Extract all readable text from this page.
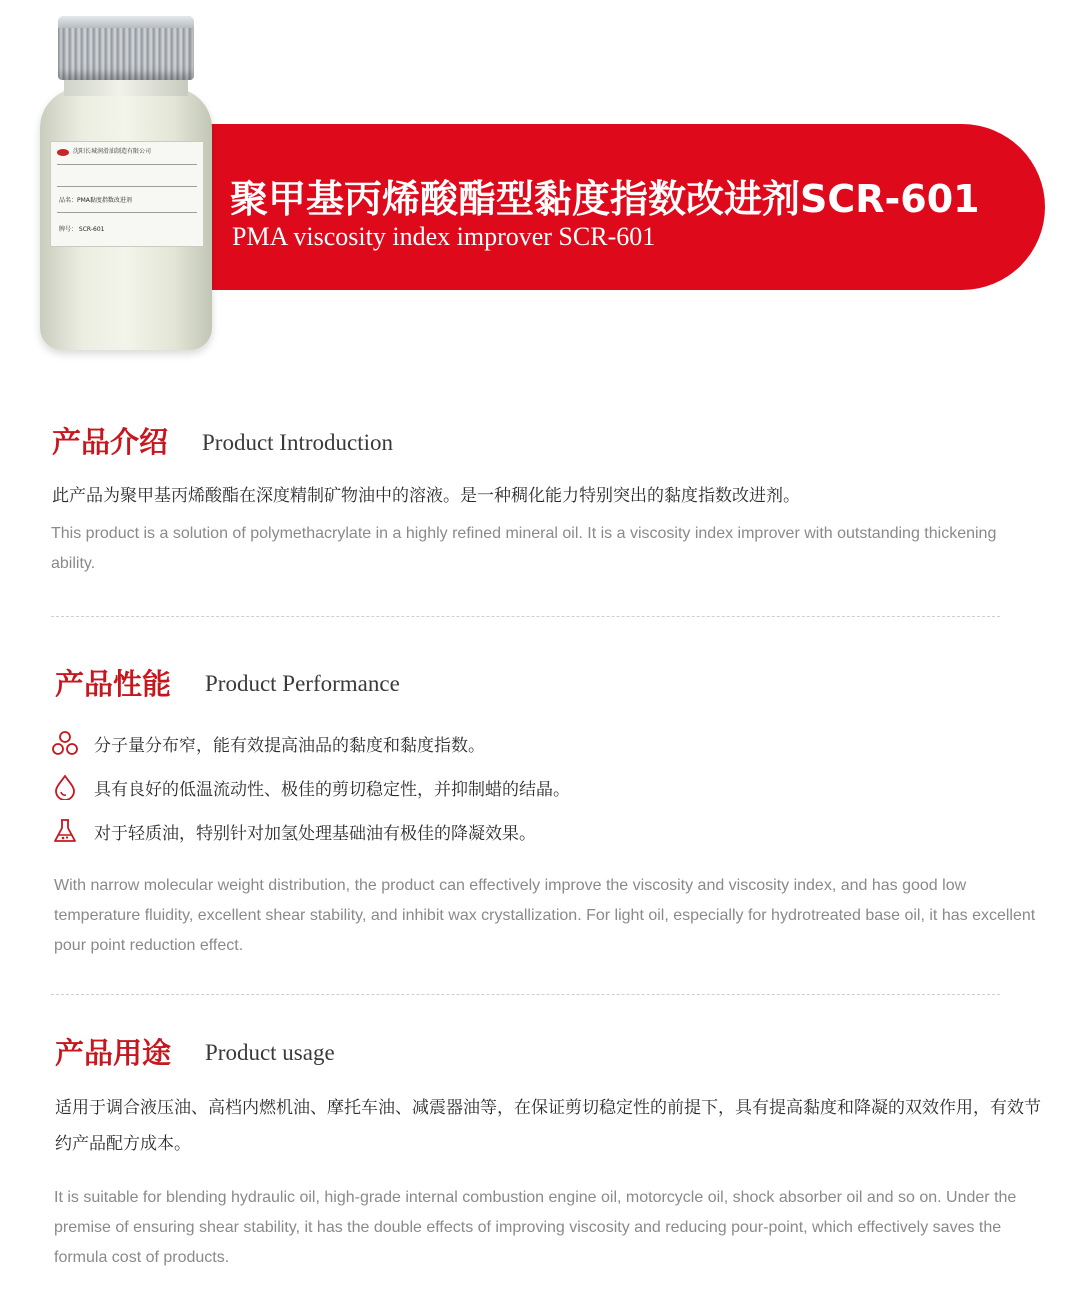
沈阳长城润滑油制造有限公司
品名：PMA黏度指数改进剂
牌号： SCR-601
聚甲基丙烯酸酯型黏度指数改进剂SCR-601
PMA viscosity index improver SCR-601
产品介绍 Product Introduction
此产品为聚甲基丙烯酸酯在深度精制矿物油中的溶液。是一种稠化能力特别突出的黏度指数改进剂。
This product is a solution of polymethacrylate in a highly refined mineral oil. It is a viscosity index improver with outstanding thickening ability.
产品性能 Product Performance
分子量分布窄，能有效提高油品的黏度和黏度指数。
具有良好的低温流动性、极佳的剪切稳定性，并抑制蜡的结晶。
对于轻质油，特别针对加氢处理基础油有极佳的降凝效果。
With narrow molecular weight distribution, the product can effectively improve the viscosity and viscosity index, and has good low temperature fluidity, excellent shear stability, and inhibit wax crystallization. For light oil, especially for hydrotreated base oil, it has excellent pour point reduction effect.
产品用途 Product usage
适用于调合液压油、高档内燃机油、摩托车油、减震器油等，在保证剪切稳定性的前提下，具有提高黏度和降凝的双效作用，有效节约产品配方成本。
It is suitable for blending hydraulic oil, high-grade internal combustion engine oil, motorcycle oil, shock absorber oil and so on. Under the premise of ensuring shear stability, it has the double effects of improving viscosity and reducing pour-point, which effectively saves the formula cost of products.
